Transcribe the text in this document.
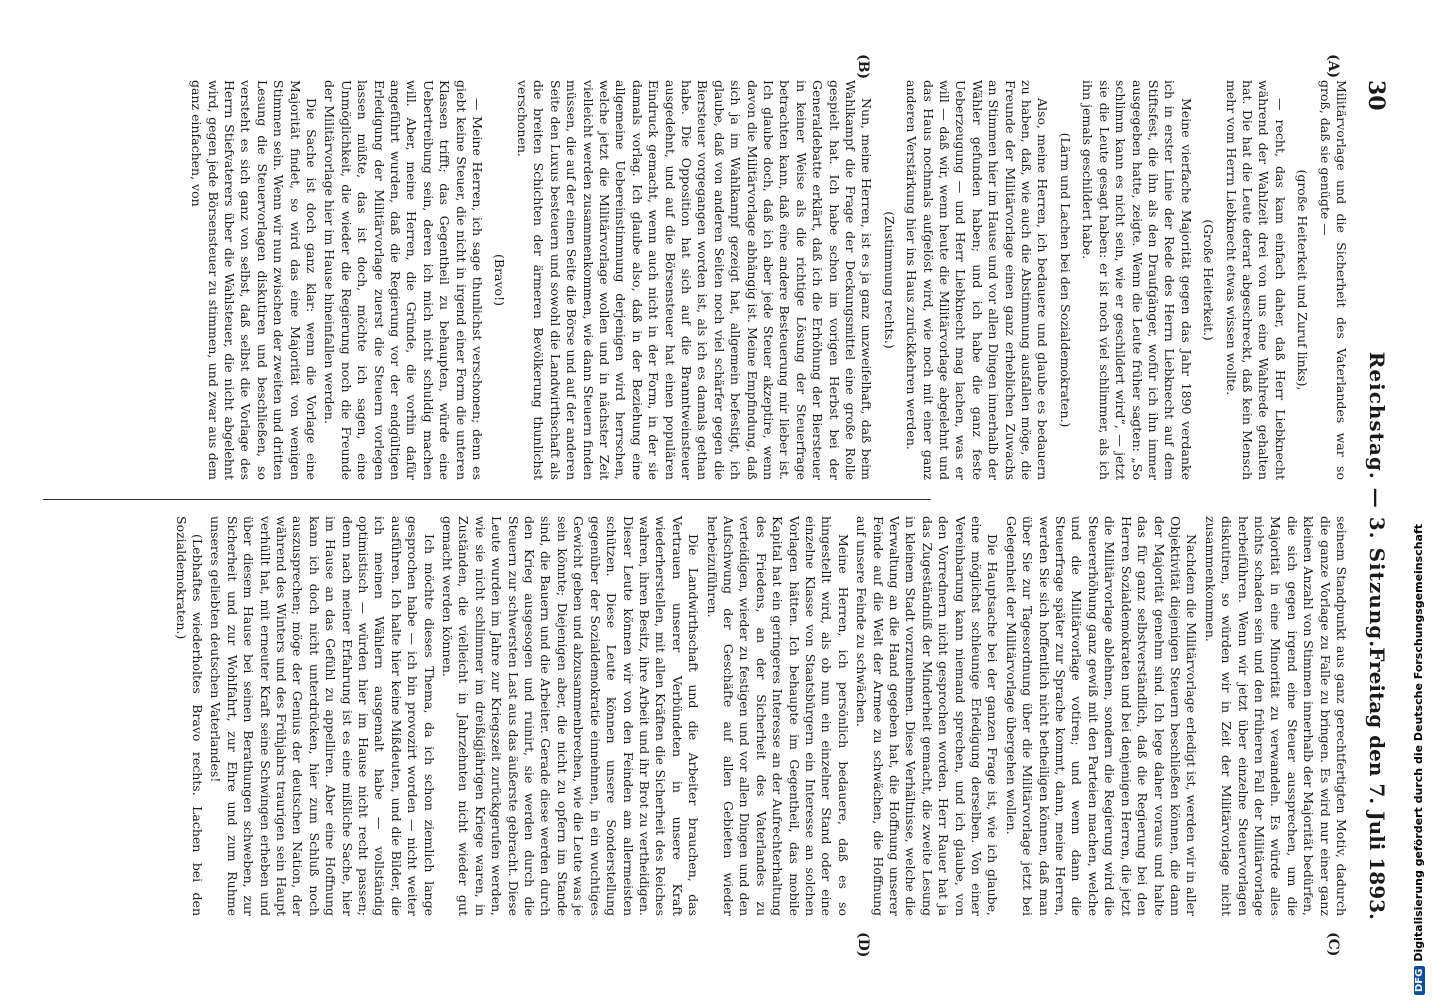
30
Reichstag. — 3. Sitzung.
Freitag den 7. Juli 1893.
(A)
(B)
(C)
(D)

Militärvorlage und die Sicherheit des Vaterlandes war so groß, daß sie genügte —

(große Heiterkeit und Zuruf links),

— recht, das kam einfach daher, daß Herr Liebknecht während der Wahlzeit drei von uns eine Wahlrede gehalten hat. Die hat die Leute derart abgeschreckt, daß kein Mensch mehr vom Herrn Liebknecht etwas wissen wollte.

(Große Heiterkeit.)

Meine vierfache Majorität gegen das Jahr 1890 verdanke ich in erster Linie der Rede des Herrn Liebknecht auf dem Stiftsfest, die ihn als den Draufgänger, wofür ich ihn immer ausgegeben hatte, zeigte. Wenn die Leute früher sagten: „So schlimm kann es nicht sein, wie er geschildert wird“, — jetzt sie die Leute gesagt haben: er ist noch viel schlimmer, als ich ihn jemals geschildert habe.

(Lärm und Lachen bei den Sozialdemokraten.)

Also, meine Herren, ich bedauere und glaube es bedauern zu haben, daß, wie auch die Abstimmung ausfallen möge, die Freunde der Militärvorlage einen ganz erheblichen Zuwachs an Stimmen hier im Hause und vor allen Dingen innerhalb der Wähler gefunden haben; und ich habe die ganz feste Ueberzeugung — und Herr Liebknecht mag lachen, was er will — daß wir, wenn heute die Militärvorlage abgelehnt und das Haus nochmals aufgelöst wird, wie noch mit einer ganz anderen Verstärkung hier ins Haus zurückkehren werden.

(Zustimmung rechts.)

Nun, meine Herren, ist es ja ganz unzweifelhaft, daß beim Wahlkampf die Frage der Deckungsmittel eine große Rolle gespielt hat. Ich habe schon im vorigen Herbst bei der Generaldebatte erklärt, daß ich die Erhöhung der Biersteuer in keiner Weise als die richtige Lösung der Steuerfrage betrachten kann, daß eine andere Besteuerung mir lieber ist. Ich glaube doch, daß ich aber jede Steuer akzeptire, wenn davon die Militärvorlage abhängig ist. Meine Empfindung, daß sich ja im Wahlkampf gezeigt hat, allgemein befestigt, ich glaube, daß von anderen Seiten noch viel schärfer gegen die Biersteuer vorgegangen worden ist, als ich es damals gethan habe. Die Opposition hat sich auf die Branntweinsteuer ausgedehnt, und auf die Börsensteuer hat einen populären Eindruck gemacht, wenn auch nicht in der Form, in der sie damals vorlag. Ich glaube also, daß in der Beziehung eine allgemeine Uebereinstimmung derjenigen wird herrschen, welche jetzt die Militärvorlage wollen und in nächster Zeit vielleicht werden zusammenkommen, wie dann Steuern finden müssen, die auf der einen Seite die Börse und auf der anderen Seite den Luxus besteuern und sowohl die Landwirthschaft als die breiten Schichten der ärmeren Bevölkerung thunlichst verschonen.

(Bravo!)

— Meine Herren, ich sage thunlichst verschonen; denn es giebt keine Steuer, die nicht in irgend einer Form die unteren Klassen trifft; das Gegentheil zu behaupten, würde eine Uebertreibung sein, deren ich mich nicht schuldig machen will. Aber, meine Herren, die Gründe, die vorhin dafür angeführt wurden, daß die Regierung vor der endgültigen Erledigung der Militärvorlage zuerst die Steuern vorlegen lassen müßte, das ist doch, möchte ich sagen, eine Unmöglichkeit, die wieder die Regierung noch die Freunde der Militärvorlage hier im Hause hineinfallen werden.

Die Sache ist doch ganz klar: wenn die Vorlage eine Majorität findet, so wird das eine Majorität von wenigen Stimmen sein. Wenn wir nun zwischen der zweiten und dritten Lesung die Steuervorlagen diskutiren und beschließen, so versteht es sich ganz von selbst, daß selbst die Vorlage des Herrn Stiefvaterers über die Wahlsteuer, die nicht abgelehnt wird, gegen jede Börsensteuer zu stimmen, und zwar aus dem ganz einfachen, von

seinem Standpunkt aus ganz gerechtfertigten Motiv, dadurch die ganze Vorlage zu Falle zu bringen. Es wird nur einer ganz kleinen Anzahl von Stimmen innerhalb der Majorität bedürfen, die sich gegen irgend eine Steuer aussprechen, um die Majorität in eine Minorität zu verwandeln. Es würde alles nichts schaden sein und den früheren Fall der Militärvorlage herbeiführen. Wenn wir jetzt über einzelne Steuervorlagen diskutiren, so würden wir in Zeit der Militärvorlage nicht zusammenkommen.

Nachdem die Militärvorlage erledigt ist, werden wir in aller Objektivität diejenigen Steuern beschließen können, die dann der Majorität genehm sind. Ich lege daher voraus und halte das für ganz selbstverständlich, daß die Regierung bei den Herren Sozialdemokraten und bei denjenigen Herren, die jetzt die Militärvorlage ablehnen, sondern die Regierung wird die Steuererhöhung ganz gewiß mit den Parteien machen, welche und die Militärvorlage votiren; und wenn dann die Steuerfrage später zur Sprache kommt, dann, meine Herren, werden Sie sich hoffentlich nicht betheiligen können, daß man über Sie zur Tagesordnung über die Militärvorlage jetzt bei Gelegenheit der Militärvorlage übergehen wollen.

Die Hauptsache bei der ganzen Frage ist, wie ich glaube, eine möglichst schleunige Erledigung derselben. Von einer Vereinbarung kann niemand sprechen, und ich glaube, von den Vorrednern nicht gesprochen worden. Herr Rauer hat ja das Zugeständniß der Minderheit gemacht, die zweite Lesung in kleinem Stadt vorzunehmen. Diese Verhältnisse, welche die Verwaltung an die Hand gegeben hat, die Hoffnung unserer Feinde auf die Welt der Armee zu schwächen, die Hoffnung auf unsere Feinde zu schwächen.

Meine Herren, ich persönlich bedauere, daß es so hingestellt wird, als ob nun ein einzelner Stand oder eine einzelne Klasse von Staatsbürgern ein Interesse an solchen Vorlagen hätten. Ich behaupte im Gegentheil, das mobile Kapital hat ein geringeres Interesse an der Aufrechterhaltung des Friedens, an der Sicherheit des Vaterlandes zu verteidigen, wieder zu festigen und vor allen Dingen und den Aufschwung der Geschäfte auf allen Gebieten wieder herbeizuführen.

Die Landwirthschaft und die Arbeiter brauchen, das Vertrauen unserer Verbündeten in unsere Kraft wiederherstellen, mit allen Kräften die Sicherheit des Reiches wahren, ihren Besitz, ihre Arbeit und ihr Brot zu vertheidigen. Dieser Leute können wir von den Feinden am allermeisten schützen. Diese Leute können unsere Sonderstellung gegenüber der Sozialdemokratie einnehmen, in ein wuchtiges Gewicht geben und abzusammenbrechen, wie die Leute was je sein könnte; Diejenigen aber, die nicht zu opfern im Stande sind, die Bauern und die Arbeiter. Gerade diese werden durch den Krieg ausgesogen und ruinirt, sie werden durch die Steuern zur schwersten Last aus das äußerste gebracht. Diese Leute wurden im Jahre zur Kriegszeit zurückgerufen werden, wie sie nicht schlimmer im dreißigjährigen Kriege waren, in Zuständen, die vielleicht in Jahrzehnten nicht wieder gut gemacht werden können.

Ich möchte dieses Thema, da ich schon ziemlich lange gesprochen habe — ich bin provozirt worden — nicht weiter ausführen. Ich halte hier keine Mißdeuten, und die Bilder, die ich meinen Wählern ausgemalt habe — vollständig optimistisch — würden hier im Hause nicht recht passen; denn nach meiner Erfahrung ist es eine mißliche Sache, hier im Hause an das Gefühl zu appelliren. Aber eine Hoffnung kann ich doch nicht unterdrücken, hier zum Schluß noch auszusprechen; möge der Genius der deutschen Nation, der während des Winters und des Frühjahrs traurigen sein Haupt verhüllt hat, mit erneuter Kraft seine Schwingen erheben und über diesem Hause bei seinen Berathungen schweben, zur Sicherheit und zur Wohlfahrt, zur Ehre und zum Ruhme unseres geliebten deutschen Vaterlandes!

(Lebhaftes wiederholtes Bravo rechts. Lachen bei den Sozialdemokraten.)

DFGDigitalisierung gefördert durch die Deutsche Forschungsgemeinschaft
